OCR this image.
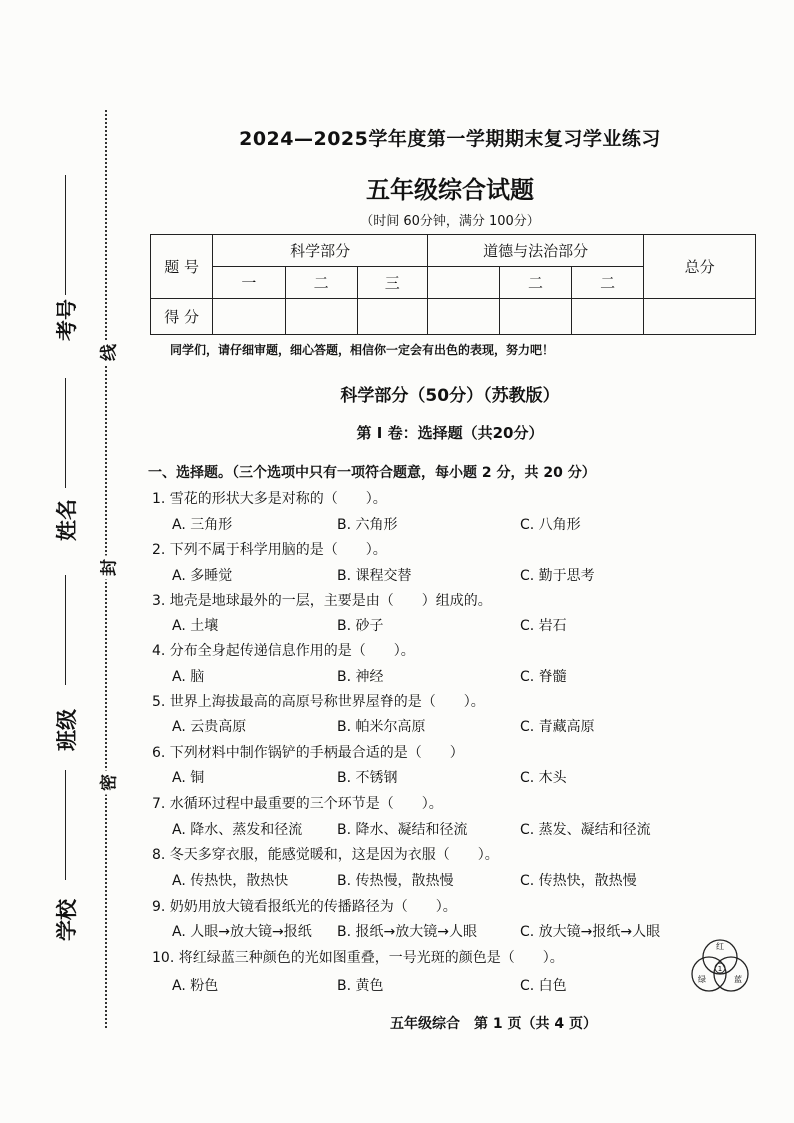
考号
姓名
班级
学校
线
封
密
2024—2025学年度第一学期期末复习学业练习
五年级综合试题
（时间 60分钟，满分 100分）
题 号	科学部分			道德与法治部分			总分
	一	二	三		二	二	
得 分							
同学们，请仔细审题，细心答题，相信你一定会有出色的表现，努力吧！
科学部分（50分）（苏教版）
第 I 卷：选择题（共20分）
一、选择题。（三个选项中只有一项符合题意，每小题 2 分，共 20 分）
1. 雪花的形状大多是对称的（　　）。
A. 三角形	B. 六角形	C. 八角形
2. 下列不属于科学用脑的是（　　）。
A. 多睡觉	B. 课程交替	C. 勤于思考
3. 地壳是地球最外的一层，主要是由（　　）组成的。
A. 土壤	B. 砂子	C. 岩石
4. 分布全身起传递信息作用的是（　　）。
A. 脑	B. 神经	C. 脊髓
5. 世界上海拔最高的高原号称世界屋脊的是（　　）。
A. 云贵高原	B. 帕米尔高原	C. 青藏高原
6. 下列材料中制作锅铲的手柄最合适的是（　　）
A. 铜	B. 不锈钢	C. 木头
7. 水循环过程中最重要的三个环节是（　　）。
A. 降水、蒸发和径流 B. 降水、凝结和径流	C. 蒸发、凝结和径流
8. 冬天多穿衣服，能感觉暖和，这是因为衣服（　　）。
A. 传热快，散热快	B. 传热慢，散热慢	C. 传热快，散热慢
9. 奶奶用放大镜看报纸光的传播路径为（　　）。
A. 人眼→放大镜→报纸 B. 报纸→放大镜→人眼	C. 放大镜→报纸→人眼
10. 将红绿蓝三种颜色的光如图重叠，一号光斑的颜色是（　　）。
A. 粉色	B. 黄色	C. 白色
红
绿	蓝
1
五年级综合　第 1 页（共 4 页）
